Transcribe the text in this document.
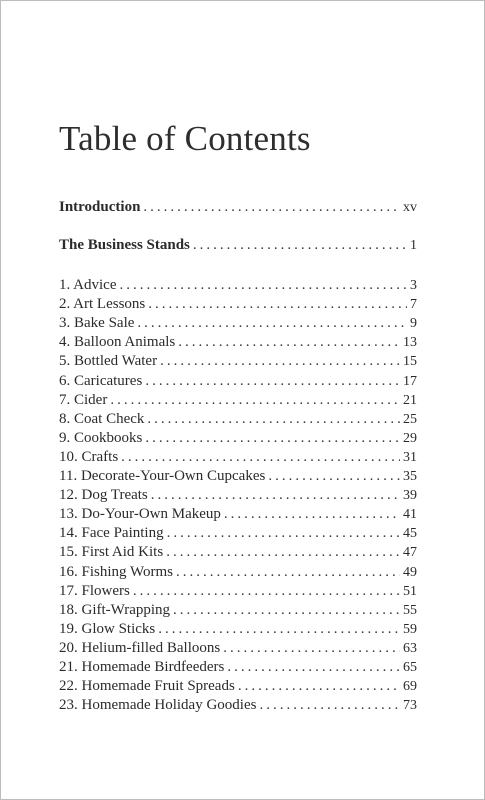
Table of Contents
Introduction .....	xv
The Business Stands .....	1
1. Advice .....	3
2. Art Lessons .....	7
3. Bake Sale .....	9
4. Balloon Animals .....	13
5. Bottled Water .....	15
6. Caricatures .....	17
7. Cider .....	21
8. Coat Check .....	25
9. Cookbooks .....	29
10. Crafts .....	31
11. Decorate-Your-Own Cupcakes .....	35
12. Dog Treats .....	39
13. Do-Your-Own Makeup .....	41
14. Face Painting .....	45
15. First Aid Kits .....	47
16. Fishing Worms .....	49
17. Flowers .....	51
18. Gift-Wrapping .....	55
19. Glow Sticks .....	59
20. Helium-filled Balloons .....	63
21. Homemade Birdfeeders .....	65
22. Homemade Fruit Spreads .....	69
23. Homemade Holiday Goodies .....	73
